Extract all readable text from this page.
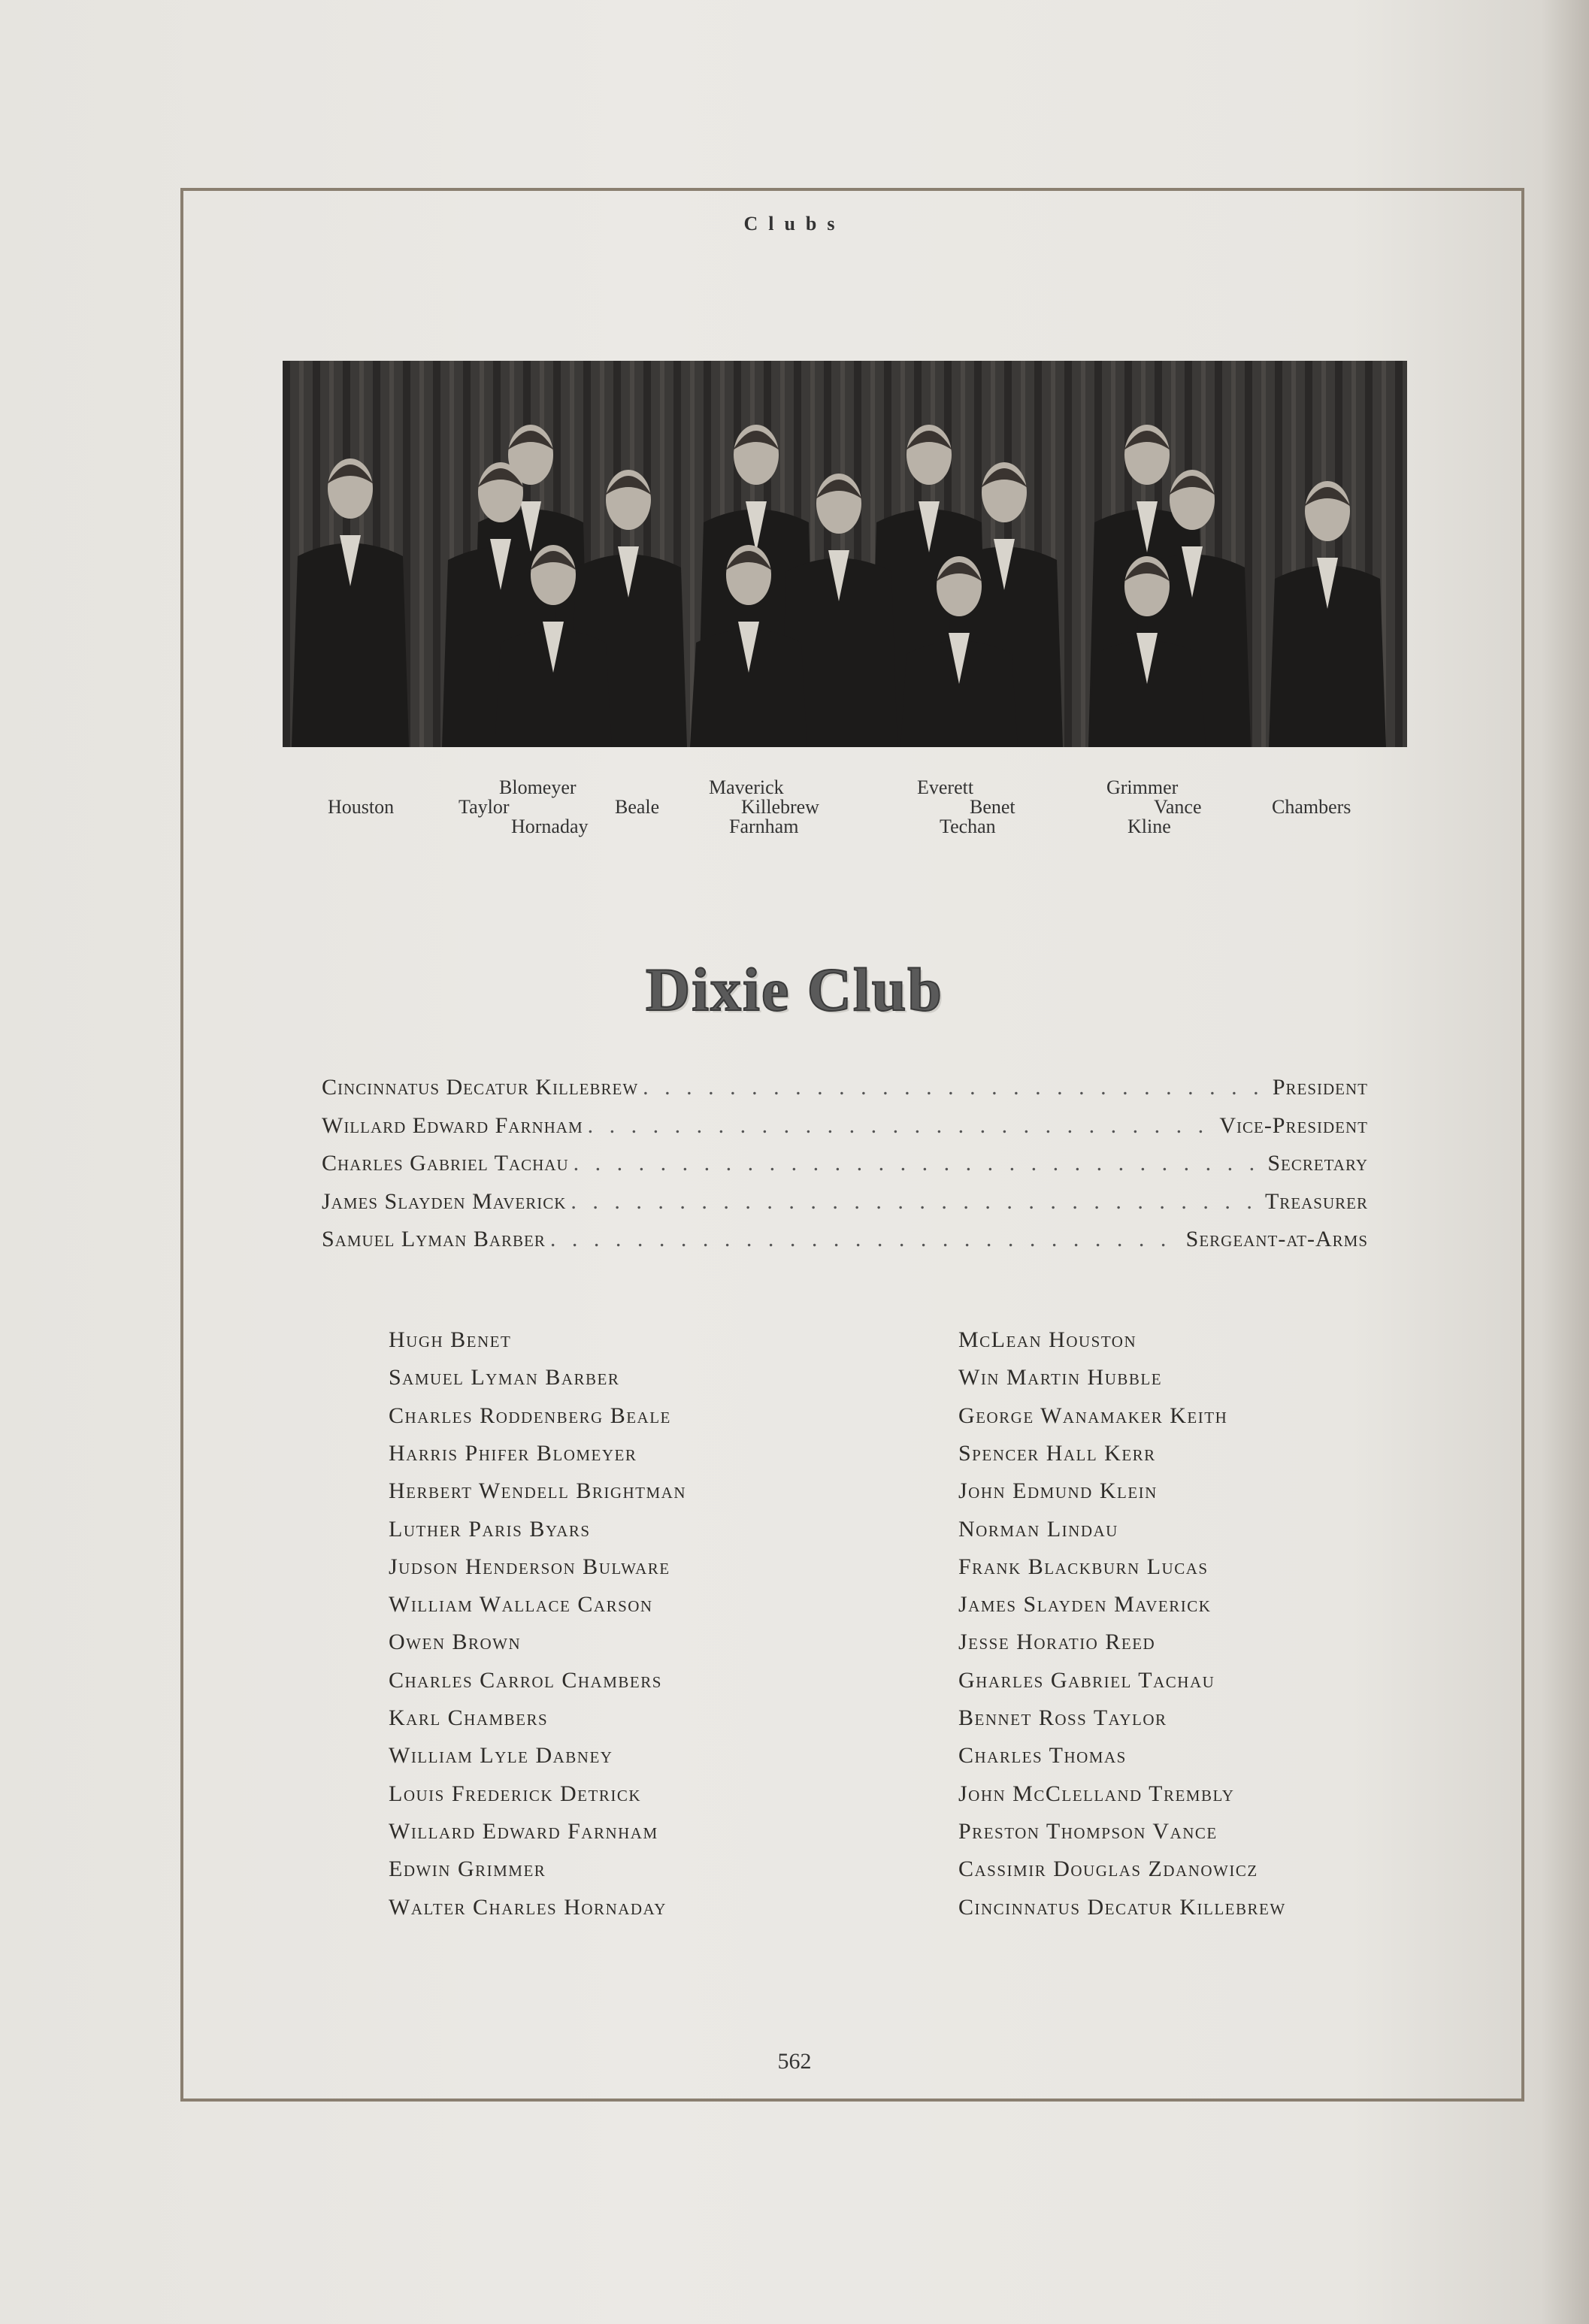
Clubs
Houston
Blomeyer
Taylor
Hornaday
Beale
Maverick
Killebrew
Farnham
Everett
Benet
Techan
Grimmer
Vance
Kline
Chambers
Dixie Club
Cincinnatus Decatur Killebrew . . .	President
Willard Edward Farnham . . .	Vice-President
Charles Gabriel Tachau . . .	Secretary
James Slayden Maverick . . .	Treasurer
Samuel Lyman Barber . . .	Sergeant-at-Arms
Hugh Benet
Samuel Lyman Barber
Charles Roddenberg Beale
Harris Phifer Blomeyer
Herbert Wendell Brightman
Luther Paris Byars
Judson Henderson Bulware
William Wallace Carson
Owen Brown
Charles Carrol Chambers
Karl Chambers
William Lyle Dabney
Louis Frederick Detrick
Willard Edward Farnham
Edwin Grimmer
Walter Charles Hornaday
McLean Houston
Win Martin Hubble
George Wanamaker Keith
Spencer Hall Kerr
John Edmund Klein
Norman Lindau
Frank Blackburn Lucas
James Slayden Maverick
Jesse Horatio Reed
Gharles Gabriel Tachau
Bennet Ross Taylor
Charles Thomas
John McClelland Trembly
Preston Thompson Vance
Cassimir Douglas Zdanowicz
Cincinnatus Decatur Killebrew
562
